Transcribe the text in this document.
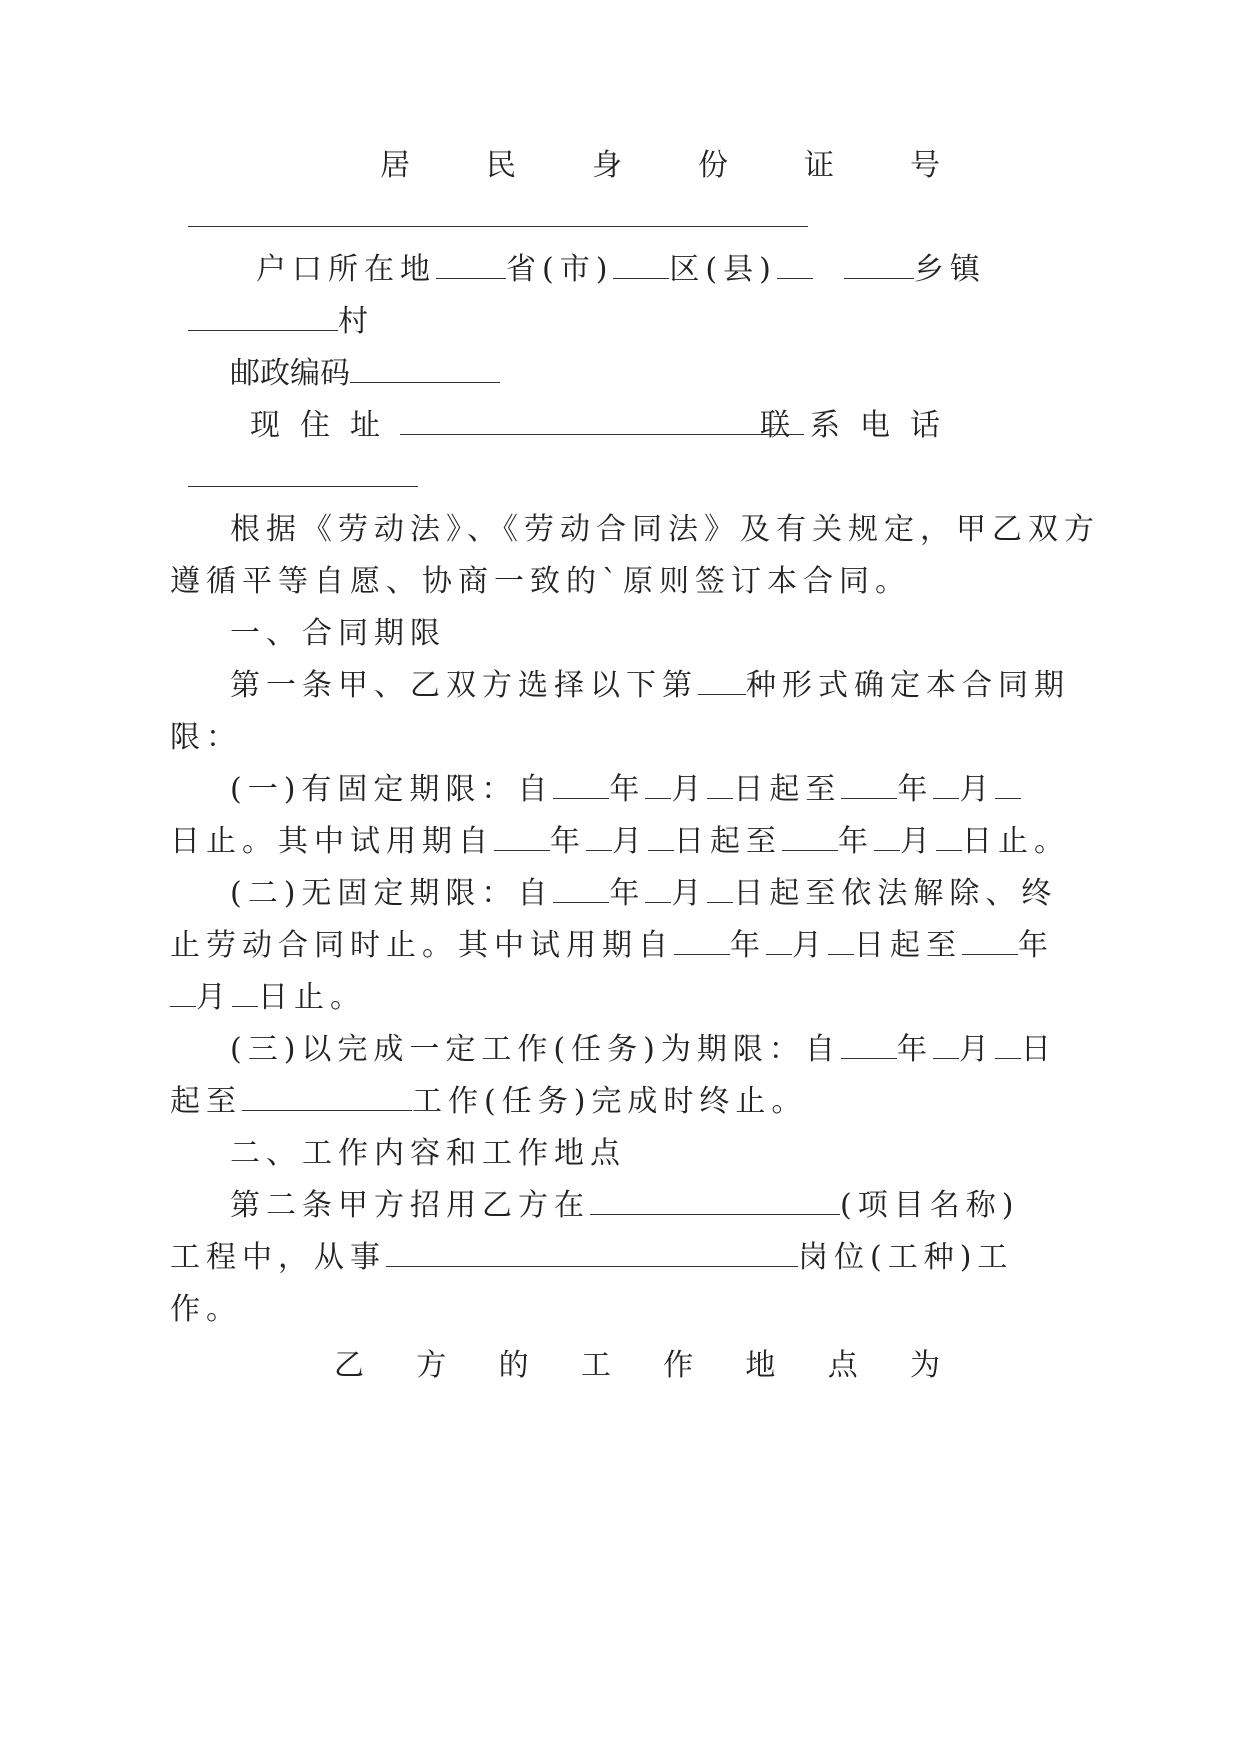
居	民	身	份	证	号
户口所在地 省(市) 区(县)	乡镇
村
邮政编码
现住址	联系电话
根据《劳动法》、《劳动合同法》及有关规定，甲乙双方
遵循平等自愿、协商一致的`原则签订本合同。
一、合同期限
第一条甲、乙双方选择以下第 种形式确定本合同期
限：
(一)有固定期限：自 年 月 日起至 年 月
日止。其中试用期自 年 月 日起至 年 月 日止。
(二)无固定期限：自 年 月 日起至依法解除、终
止劳动合同时止。其中试用期自 年 月 日起至 年
月 日止。
(三)以完成一定工作(任务)为期限：自 年 月 日
起至	工作(任务)完成时终止。
二、工作内容和工作地点
第二条甲方招用乙方在	(项目名称)
工程中，从事	岗位(工种)工
作。
乙 方 的 工 作 地 点 为
